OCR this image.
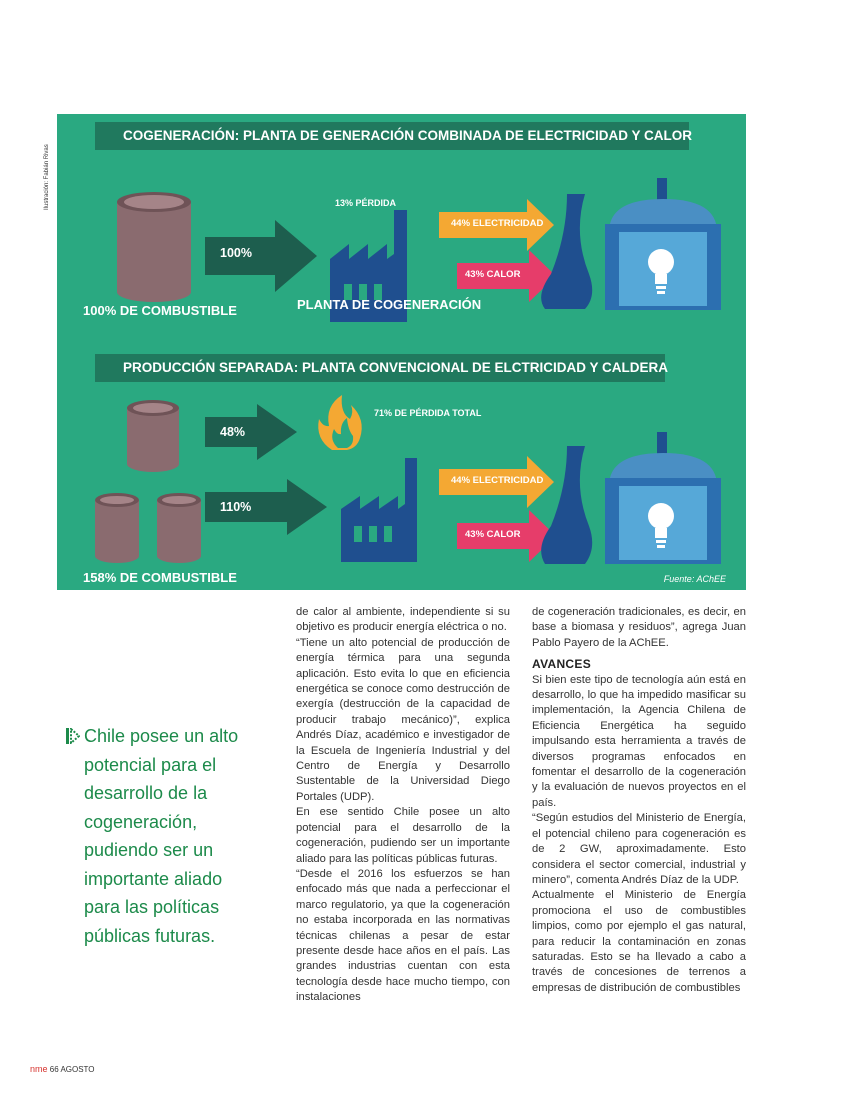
Ilustración: Fabián Rivas
COGENERACIÓN: PLANTA DE GENERACIÓN COMBINADA DE ELECTRICIDAD Y CALOR
13% PÉRDIDA
100%
44% ELECTRICIDAD
43% CALOR
100% DE COMBUSTIBLE	PLANTA DE COGENERACIÓN
PRODUCCIÓN SEPARADA: PLANTA CONVENCIONAL DE ELCTRICIDAD Y CALDERA
71% DE PÉRDIDA TOTAL
48%
110%
44% ELECTRICIDAD
43% CALOR
158% DE COMBUSTIBLE	Fuente: AChEE
Chile posee un alto potencial para el desarrollo de la cogeneración, pudiendo ser un importante aliado para las políticas públicas futuras.

de calor al ambiente, independiente si su objetivo es producir energía eléctrica o no.

“Tiene un alto potencial de producción de energía térmica para una segunda aplicación. Esto evita lo que en eficiencia energética se conoce como destrucción de exergía (destrucción de la capacidad de producir trabajo mecánico)”, explica Andrés Díaz, académico e investigador de la Escuela de Ingeniería Industrial y del Centro de Energía y Desarrollo Sustentable de la Universidad Diego Portales (UDP).

En ese sentido Chile posee un alto potencial para el desarrollo de la cogeneración, pudiendo ser un importante aliado para las políticas públicas futuras.

“Desde el 2016 los esfuerzos se han enfocado más que nada a perfeccionar el marco regulatorio, ya que la cogeneración no estaba incorporada en las normativas técnicas chilenas a pesar de estar presente desde hace años en el país. Las grandes industrias cuentan con esta tecnología desde hace mucho tiempo, con instalaciones

de cogeneración tradicionales, es decir, en base a biomasa y residuos”, agrega Juan Pablo Payero de la AChEE.

AVANCES

Si bien este tipo de tecnología aún está en desarrollo, lo que ha impedido masificar su implementación, la Agencia Chilena de Eficiencia Energética ha seguido impulsando esta herramienta a través de diversos programas enfocados en fomentar el desarrollo de la cogeneración y la evaluación de nuevos proyectos en el país.

“Según estudios del Ministerio de Energía, el potencial chileno para cogeneración es de 2 GW, aproximadamente. Esto considera el sector comercial, industrial y minero”, comenta Andrés Díaz de la UDP.

Actualmente el Ministerio de Energía promociona el uso de combustibles limpios, como por ejemplo el gas natural, para reducir la contaminación en zonas saturadas. Esto se ha llevado a cabo a través de concesiones de terrenos a empresas de distribución de combustibles

nme 66 AGOSTO
